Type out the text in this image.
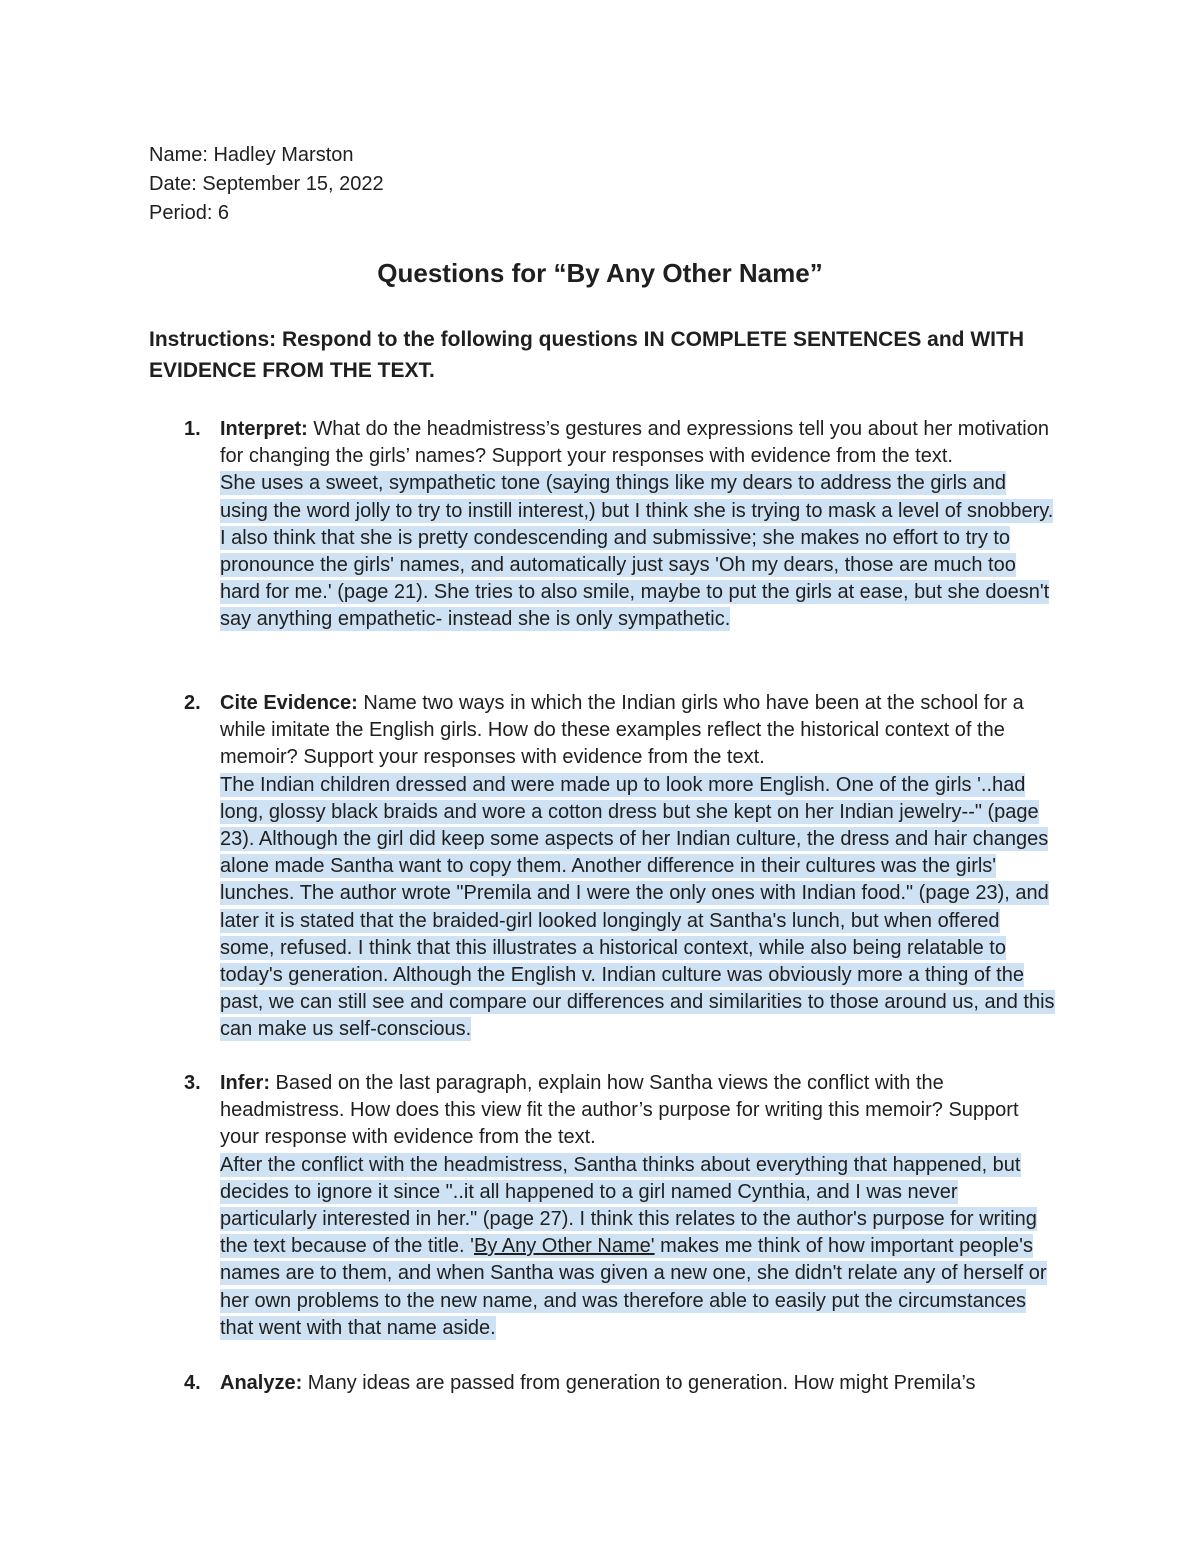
Name: Hadley Marston
Date: September 15, 2022
Period: 6
Questions for “By Any Other Name”
Instructions: Respond to the following questions IN COMPLETE SENTENCES and WITH EVIDENCE FROM THE TEXT.
1. Interpret: What do the headmistress’s gestures and expressions tell you about her motivation for changing the girls’ names? Support your responses with evidence from the text.
She uses a sweet, sympathetic tone (saying things like my dears to address the girls and using the word jolly to try to instill interest,) but I think she is trying to mask a level of snobbery. I also think that she is pretty condescending and submissive; she makes no effort to try to pronounce the girls' names, and automatically just says 'Oh my dears, those are much too hard for me.' (page 21). She tries to also smile, maybe to put the girls at ease, but she doesn't say anything empathetic- instead she is only sympathetic.
2. Cite Evidence: Name two ways in which the Indian girls who have been at the school for a while imitate the English girls. How do these examples reflect the historical context of the memoir? Support your responses with evidence from the text.
The Indian children dressed and were made up to look more English. One of the girls '..had long, glossy black braids and wore a cotton dress but she kept on her Indian jewelry--" (page 23). Although the girl did keep some aspects of her Indian culture, the dress and hair changes alone made Santha want to copy them. Another difference in their cultures was the girls' lunches. The author wrote "Premila and I were the only ones with Indian food." (page 23), and later it is stated that the braided-girl looked longingly at Santha's lunch, but when offered some, refused. I think that this illustrates a historical context, while also being relatable to today's generation. Although the English v. Indian culture was obviously more a thing of the past, we can still see and compare our differences and similarities to those around us, and this can make us self-conscious.
3. Infer: Based on the last paragraph, explain how Santha views the conflict with the headmistress. How does this view fit the author’s purpose for writing this memoir? Support your response with evidence from the text.
After the conflict with the headmistress, Santha thinks about everything that happened, but decides to ignore it since "..it all happened to a girl named Cynthia, and I was never particularly interested in her." (page 27). I think this relates to the author's purpose for writing the text because of the title. 'By Any Other Name' makes me think of how important people's names are to them, and when Santha was given a new one, she didn't relate any of herself or her own problems to the new name, and was therefore able to easily put the circumstances that went with that name aside.
4. Analyze: Many ideas are passed from generation to generation. How might Premila’s
